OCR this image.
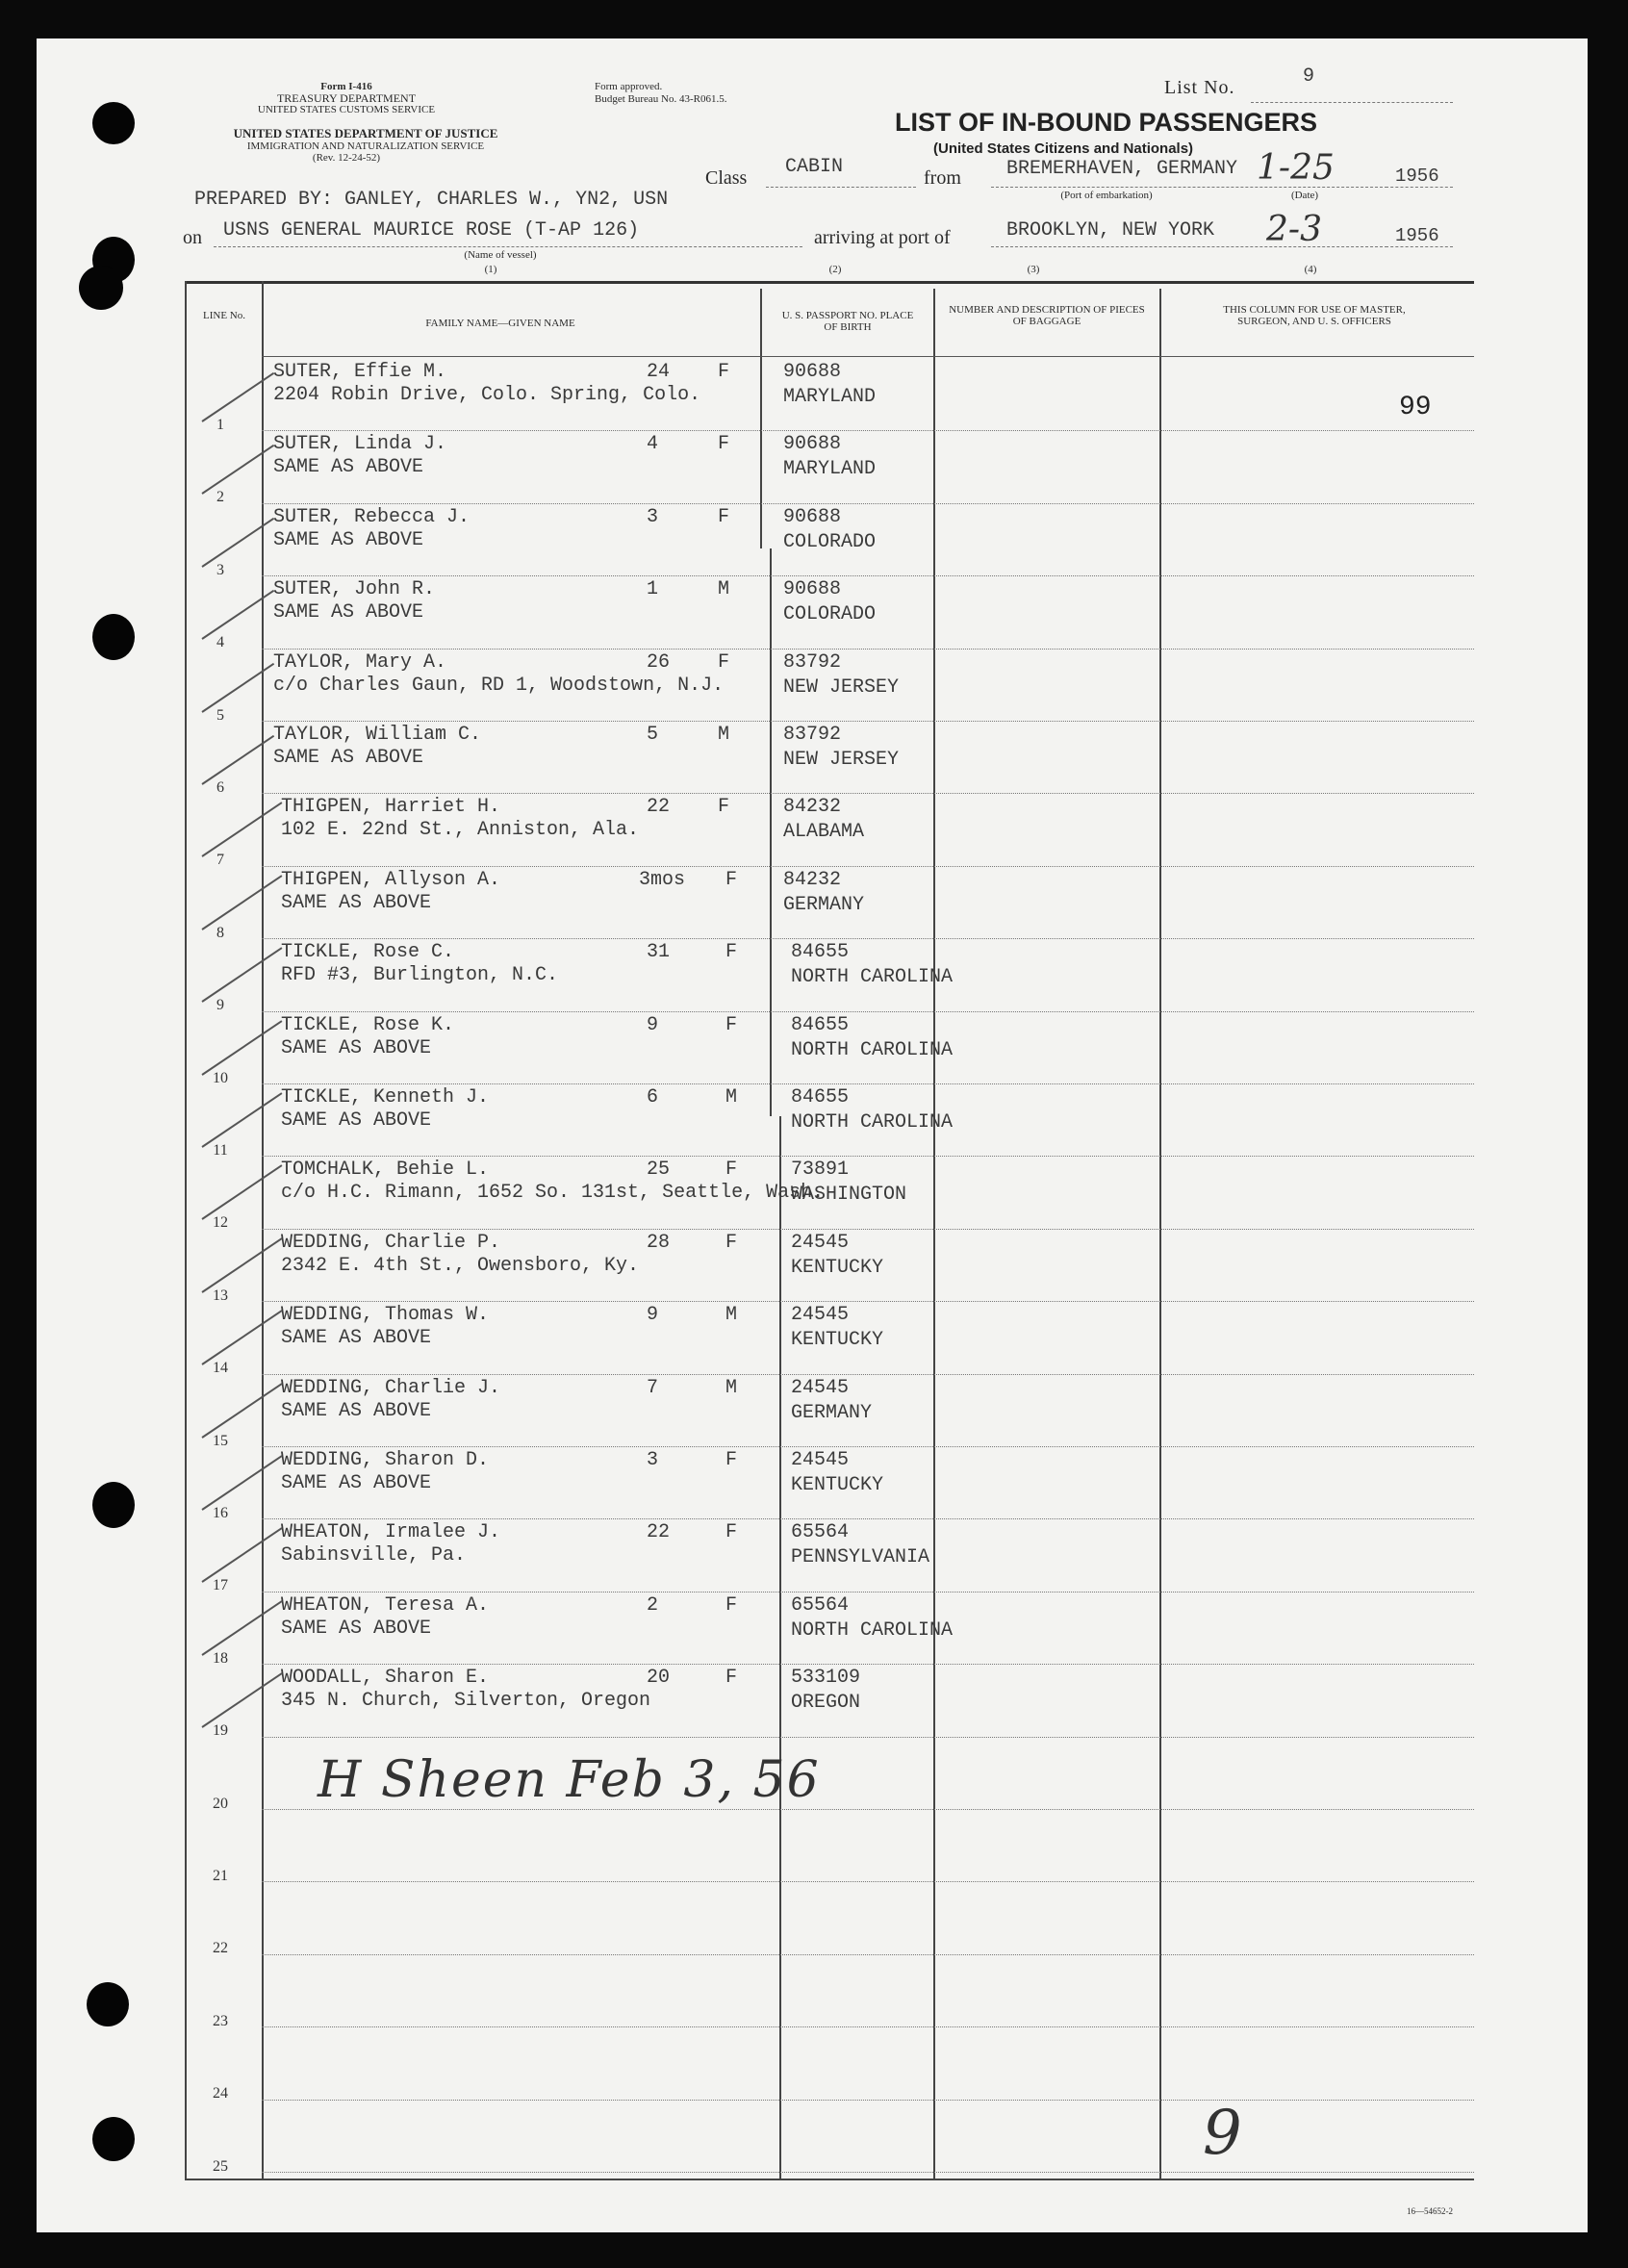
Form I-416
TREASURY DEPARTMENT
UNITED STATES CUSTOMS SERVICE
UNITED STATES DEPARTMENT OF JUSTICE
IMMIGRATION AND NATURALIZATION SERVICE
(Rev. 12-24-52)
Form approved.
Budget Bureau No. 43-R061.5.
List No.	9
LIST OF IN-BOUND PASSENGERS
(United States Citizens and Nationals)
Class CABIN	from BREMERHAVEN, GERMANY
(Port of embarkation)
1-25	1956
(Date)
PREPARED BY: GANLEY, CHARLES W., YN2, USN
on USNS GENERAL MAURICE ROSE (T-AP 126)
(Name of vessel)
arriving at port of	BROOKLYN, NEW YORK 2-3	1956
(1)	(2)	(3)	(4)
LINE No.
FAMILY NAME—GIVEN NAME
U. S. PASSPORT NO. PLACE OF BIRTH
NUMBER AND DESCRIPTION OF PIECES OF BAGGAGE
THIS COLUMN FOR USE OF MASTER, SURGEON, AND U. S. OFFICERS
1
SUTER, Effie M.
2204 Robin Drive, Colo. Spring, Colo.
24 F	90688
MARYLAND
2
SUTER, Linda J.
SAME AS ABOVE
4	F	90688
MARYLAND
3
SUTER, Rebecca J.
SAME AS ABOVE
3	F	90688
COLORADO
4
SUTER, John R.
SAME AS ABOVE
1	M	90688
COLORADO
5
TAYLOR, Mary A.
c/o Charles Gaun, RD 1, Woodstown, N.J.
26 F	83792
NEW JERSEY
6
TAYLOR, William C.
SAME AS ABOVE
5	M	83792
NEW JERSEY
7
THIGPEN, Harriet H.
102 E. 22nd St., Anniston, Ala.
22 F	84232
ALABAMA
8
THIGPEN, Allyson A.
SAME AS ABOVE
3mos F 84232
GERMANY
9
TICKLE, Rose C.
RFD #3, Burlington, N.C.
31	F	84655
NORTH CAROLINA
10
TICKLE, Rose K.
SAME AS ABOVE
9	F	84655
NORTH CAROLINA
11
TICKLE, Kenneth J.
SAME AS ABOVE
6	M	84655
NORTH CAROLINA
12
TOMCHALK, Behie L.
c/o H.C. Rimann, 1652 So. 131st, Seattle, Wash.
25	F	73891
WASHINGTON
13
WEDDING, Charlie P.
2342 E. 4th St., Owensboro, Ky.
28	F	24545
KENTUCKY
14
WEDDING, Thomas W.
SAME AS ABOVE
9	M	24545
KENTUCKY
15
WEDDING, Charlie J.
SAME AS ABOVE
7	M	24545
GERMANY
16
WEDDING, Sharon D.
SAME AS ABOVE
3	F	24545
KENTUCKY
17
WHEATON, Irmalee J.
Sabinsville, Pa.
22	F	65564
PENNSYLVANIA
18
WHEATON, Teresa A.
SAME AS ABOVE
2	F	65564
NORTH CAROLINA
19
WOODALL, Sharon E.
345 N. Church, Silverton, Oregon
20	F	533109
OREGON
20
21
22
23
24
25
99
H Sheen Feb 3, 56
9
16—54652-2
